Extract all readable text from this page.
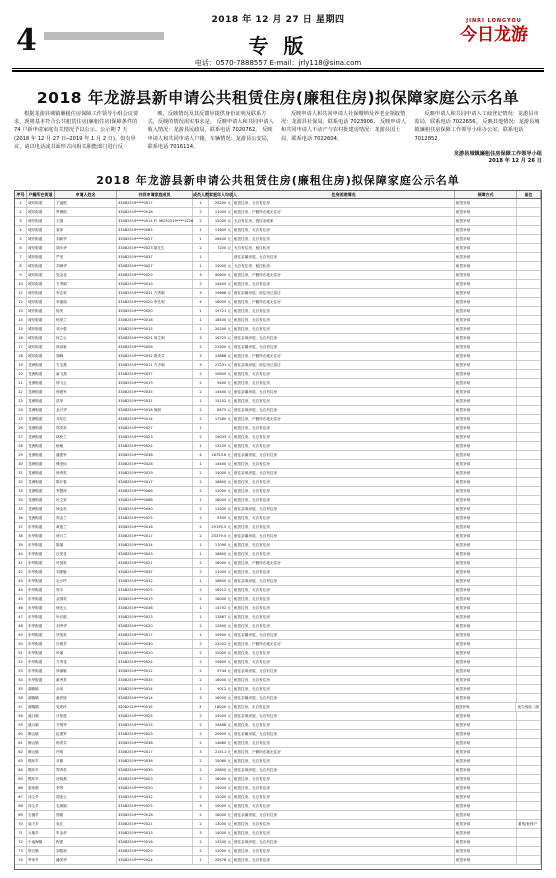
2018 年 12 月 27 日 星期四
4	专 版
JINRI LONGYOU
今日龙游
电话：0570-7888557 E-mail：jrly118@sina.com
2018 年龙游县新申请公共租赁住房(廉租住房)拟保障家庭公示名单
根据龙游县城镇廉租住房保障工作领导小组会议要求，现将基本符合公共租赁住房(廉租住房)保障条件的 74 户新申请家庭有关情况予以公示。公示期 7 天(2018 年 12 月 27 日─2019 年 1 月 2 日)。如有异议，请以电话或书面形式向相关职能部门进行反
映，反映情况及其反馈应提供身份证明及联系方式，反映的情况需实事求是。 反映申请人和共同申请人收入情况：龙游县民政局，联系电话 7020762。 反映申请人和共同申请人户籍、车辆情况：龙游县公安局，联系电话 7016114。
反映申请人和共同申请人社保缴纳及养老金领取情况：龙游县社保局，联系电话 7023906。 反映申请人和共同申请人不动产与农村批建房情况：龙游县国土局，联系电话 7022604。
反映申请人和共同申请人工商登记情况：龙游县市监局，联系电话 7022656。 反映其他情况：龙游县城镇廉租住房保障工作领导小组办公室，联系电话 7012852。
龙游县城镇廉租住房保障工作领导小组
2018 年 12 月 26 日
2018 年龙游县新申请公共租赁住房(廉租住房)拟保障家庭公示名单
序号	户籍所在街道	申请人姓名	共同申请家庭成员	成员人数 家庭年人均收入	住房困难情况	保障方式	备注
1	城东街道	王福根	33082519****0017	1	25200 元 租赁住房，无自有住房	租赁补贴
2	城东街道	罗海根	33082519****0018	2	12000 元 租赁住房，户籍所在地无住房	租赁补贴
3	城东街道	王刚	33082519****0014 叶 36252519****1226	2	12000 元 无自有住房，借住亲戚家	租赁补贴
4	城东街道	姜萍	33082519****0065	1	11600 元 租赁住房，无自有住房	租赁补贴
5	城东街道	刘新华	33082519****0027	1	26400 元 租赁住房，无自有住房	租赁补贴
6	城东街道	胡永华	33082519****0023 胡先生	2	7200 元 无自有住房，租住私房	租赁补贴
7	城东街道	严美	33082519****0037	1	借住亲属房屋，无自有住房	租赁补贴
8	城东街道	刘海华	33082519****0027	1	12000 元 无自有住房，租住私房	租赁补贴
9	城东街道	饶金花	33082519****0029	3	40800 元 租赁住房，户籍所在地无住房	租赁补贴
10	城东街道	方秀娟	33082519****0019	2	14400 元 租赁住房，无自有住房	租赁补贴
11	城东街道	李志荣	33082519****0031 方秀娟	3	19666 元 借住亲属房屋，原住房已拆迁	租赁补贴
12	城东街道	李丽丽	33082519****0020 李先明	4	18000 元 租赁住房，户籍所在地无住房	租赁补贴
13	城东街道	杨美	33082519****0050	1	19721 元 租赁住房，无自有住房	租赁补贴
14	城东街道	杨美兰	33082519****0018	1	18400 元 租赁住房，无自有住房	租赁补贴
15	城东街道	邓小强	33082519****0015	1	20200 元 租赁住房，无自有住房	租赁补贴
16	城东街道	何立云	33082519****0021 何立明	3	16725 元 借住亲戚房屋，无自有住房	租赁补贴
17	城东街道	徐泽新	33082519****0056	2	22900 元 借住亲属房屋，无自有住房	租赁补贴
18	城东街道	胡峰	33082519****0032 胡美芬	3	13866 元 租赁住房，户籍所在地无住房	租赁补贴
19	龙洲街道	方宝燕	33082519****0011 方小明	3	27231 元 借住亲戚房屋，原住房已拆迁	租赁补贴
20	龙洲街道	童飞燕	33082519****0037	2	10800 元 租赁住房，无自有住房	租赁补贴
21	龙洲街道	徐飞云	33082519****0019	2	9400 元 租赁住房，无自有住房	租赁补贴
22	龙洲街道	徐建军	33082519****0035	2	14400 元 借住亲属房屋，无自有住房	租赁补贴
23	龙洲街道	范华	33082519****0031	1	15152 元 租赁住房，无自有住房	租赁补贴
24	龙洲街道	金兴华	33082519****0018 徐丽	2	8475 元 借住亲戚房屋，无自有住房	租赁补贴
25	龙洲街道	邓东红	33082519****0014	2	17280 元 租赁住房，户籍所在地无住房	租赁补贴
26	龙洲街道	郑美英	33082519****0027	1	租赁住房，无自有住房	租赁补贴
27	龙洲街道	林秋兰	33082519****0023	2	19033 元 租赁住房，无自有住房	租赁补贴
28	龙洲街道	杨敏	33082519****0024	1	13200 元 租赁住房，无自有住房	租赁补贴
29	龙洲街道	潘建军	33082519****0038	4	16753.6 元 借住亲属房屋，无自有住房	租赁补贴
30	龙洲街道	傅美仙	33082519****0028	1	14400 元 租赁住房，无自有住房	租赁补贴
31	龙洲街道	徐秀英	33082519****0029	2	15000 元 借住亲戚房屋，无自有住房	租赁补贴
32	龙洲街道	陈开春	33082519****0017	2	16800 元 租赁住房，无自有住房	租赁补贴
33	龙洲街道	李慧萍	33082519****0066	2	12000 元 租赁住房，无自有住房	租赁补贴
34	龙洲街道	叶文荣	33082519****0068	1	18000 元 租赁住房，无自有住房	租赁补贴
35	龙洲街道	徐金亮	33082519****0040	2	13200 元 借住亲戚房屋，无自有住房	租赁补贴
36	龙洲街道	郑金兰	33082519****0025	2	9300 元 租赁住房，无自有住房	租赁补贴
37	东华街道	黄建兰	33082519****0016	2	29195.5 元 租赁住房，无自有住房	租赁补贴
38	东华街道	徐月兰	33082519****0017	2	23379.5 元 借住亲属房屋，无自有住房	租赁补贴
39	东华街道	陈丽	33082519****0014	1	17090 元 租赁住房，无自有住房	租赁补贴
40	东华街道	汪美花	33082519****0043	1	16800 元 租赁住房，无自有住房	租赁补贴
41	东华街道	叶国英	33082519****0021	2	18000 元 租赁住房，户籍所在地无住房	租赁补贴
42	东华街道	刘建敏	33082519****0037	2	12000 元 租赁住房，无自有住房	租赁补贴
43	东华街道	毛小玲	33082519****0032	1	16800 元 借住亲戚房屋，无自有住房	租赁补贴
44	东华街道	郑平	33082519****0025	2	16212 元 租赁住房，无自有住房	租赁补贴
45	东华街道	金国英	33082519****0019	2	18000 元 租赁住房，无自有住房	租赁补贴
46	东华街道	徐先云	33082519****0036	1	14752 元 租赁住房，无自有住房	租赁补贴
47	东华街道	叶长根	33082519****0023	1	12867 元 租赁住房，无自有住房	租赁补贴
48	东华街道	刘秀华	33082519****0020	2	12600 元 租赁住房，无自有住房	租赁补贴
49	东华街道	华美英	33082519****0017	1	19900 元 借住亲属房屋，无自有住房	租赁补贴
50	东华街道	吕雅芳	33082519****0030	2	22002 元 租赁住房，户籍所在地无住房	租赁补贴
51	东华街道	叶丽	33082519****0010	2	15000 元 租赁住房，无自有住房	租赁补贴
52	东华街道	方秀花	33082519****0024	2	15600 元 租赁住房，无自有住房	租赁补贴
53	东华街道	徐丽敏	33082519****0012	2	9744 元 借住亲戚房屋，无自有住房	租赁补贴
54	东华街道	童秀美	33082519****0035	2	18000 元 租赁住房，无自有住房	租赁补贴
55	湖镇镇	余凤	33082519****0024	1	9012 元 租赁住房，无自有住房	租赁补贴
56	湖镇镇	童伊妹	33082519****0014	3	16000 元 借住亲属房屋，无自有住房	租赁补贴
57	湖镇镇	吴美玲	33082519****0019	3	18000 元 租赁住房，无自有住房	租赁补贴	视力残疾二级
58	溪口镇	吕柏莲	33082519****0025	2	15000 元 借住亲戚房屋，无自有住房	租赁补贴
59	溪口镇	方明华	33082519****0015	2	19488 元 租赁住房，无自有住房	租赁补贴
60	横山镇	伍建军	33082519****0023	2	20600 元 借住亲属房屋，无自有住房	租赁补贴
61	横山镇	杨青芬	33082519****0038	2	14860 元 租赁住房，无自有住房	租赁补贴
62	横山镇	许明	33082519****0017	3	21511 元 租赁住房，户籍所在地无住房	租赁补贴
63	模环乡	尹雄	33082519****0036	2	15060 元 租赁住房，无自有住房	租赁补贴
64	模环乡	郑秀英	33082519****0039	2	20800 元 借住亲戚房屋，无自有住房	租赁补贴
65	模环乡	祝晓燕	33082519****0023	2	18000 元 租赁住房，无自有住房	租赁补贴
66	詹家镇	李琴	33082519****0020	2	14000 元 租赁住房，无自有住房	租赁补贴
67	沐尘乡	胡亚云	33082519****0032	2	12000 元 租赁住房，无自有住房	租赁补贴
68	沐尘乡	毛海娟	33082519****0025	3	19000 元 租赁住房，无自有住房	租赁补贴
69	石佛乡	郑敏	33082519****0018	2	18000 元 借住亲属房屋，无自有住房	租赁补贴
70	庙下乡	吴红	33082519****0021	2	13000 元 租赁住房，无自有住房	租赁补贴	重残/低保户
71	大街乡	朱金华	33082519****0013	3	14000 元 租赁住房，无自有住房	租赁补贴
72	小南海镇	程建	33082519****0016	2	13200 元 借住亲戚房屋，无自有住房	租赁补贴
73	塔石镇	刘根和	33082519****0029	2	12000 元 租赁住房，无自有住房	租赁补贴
74	罗家乡	潘美华	33082519****0024	1	20476 元 租赁住房，无自有住房	租赁补贴
